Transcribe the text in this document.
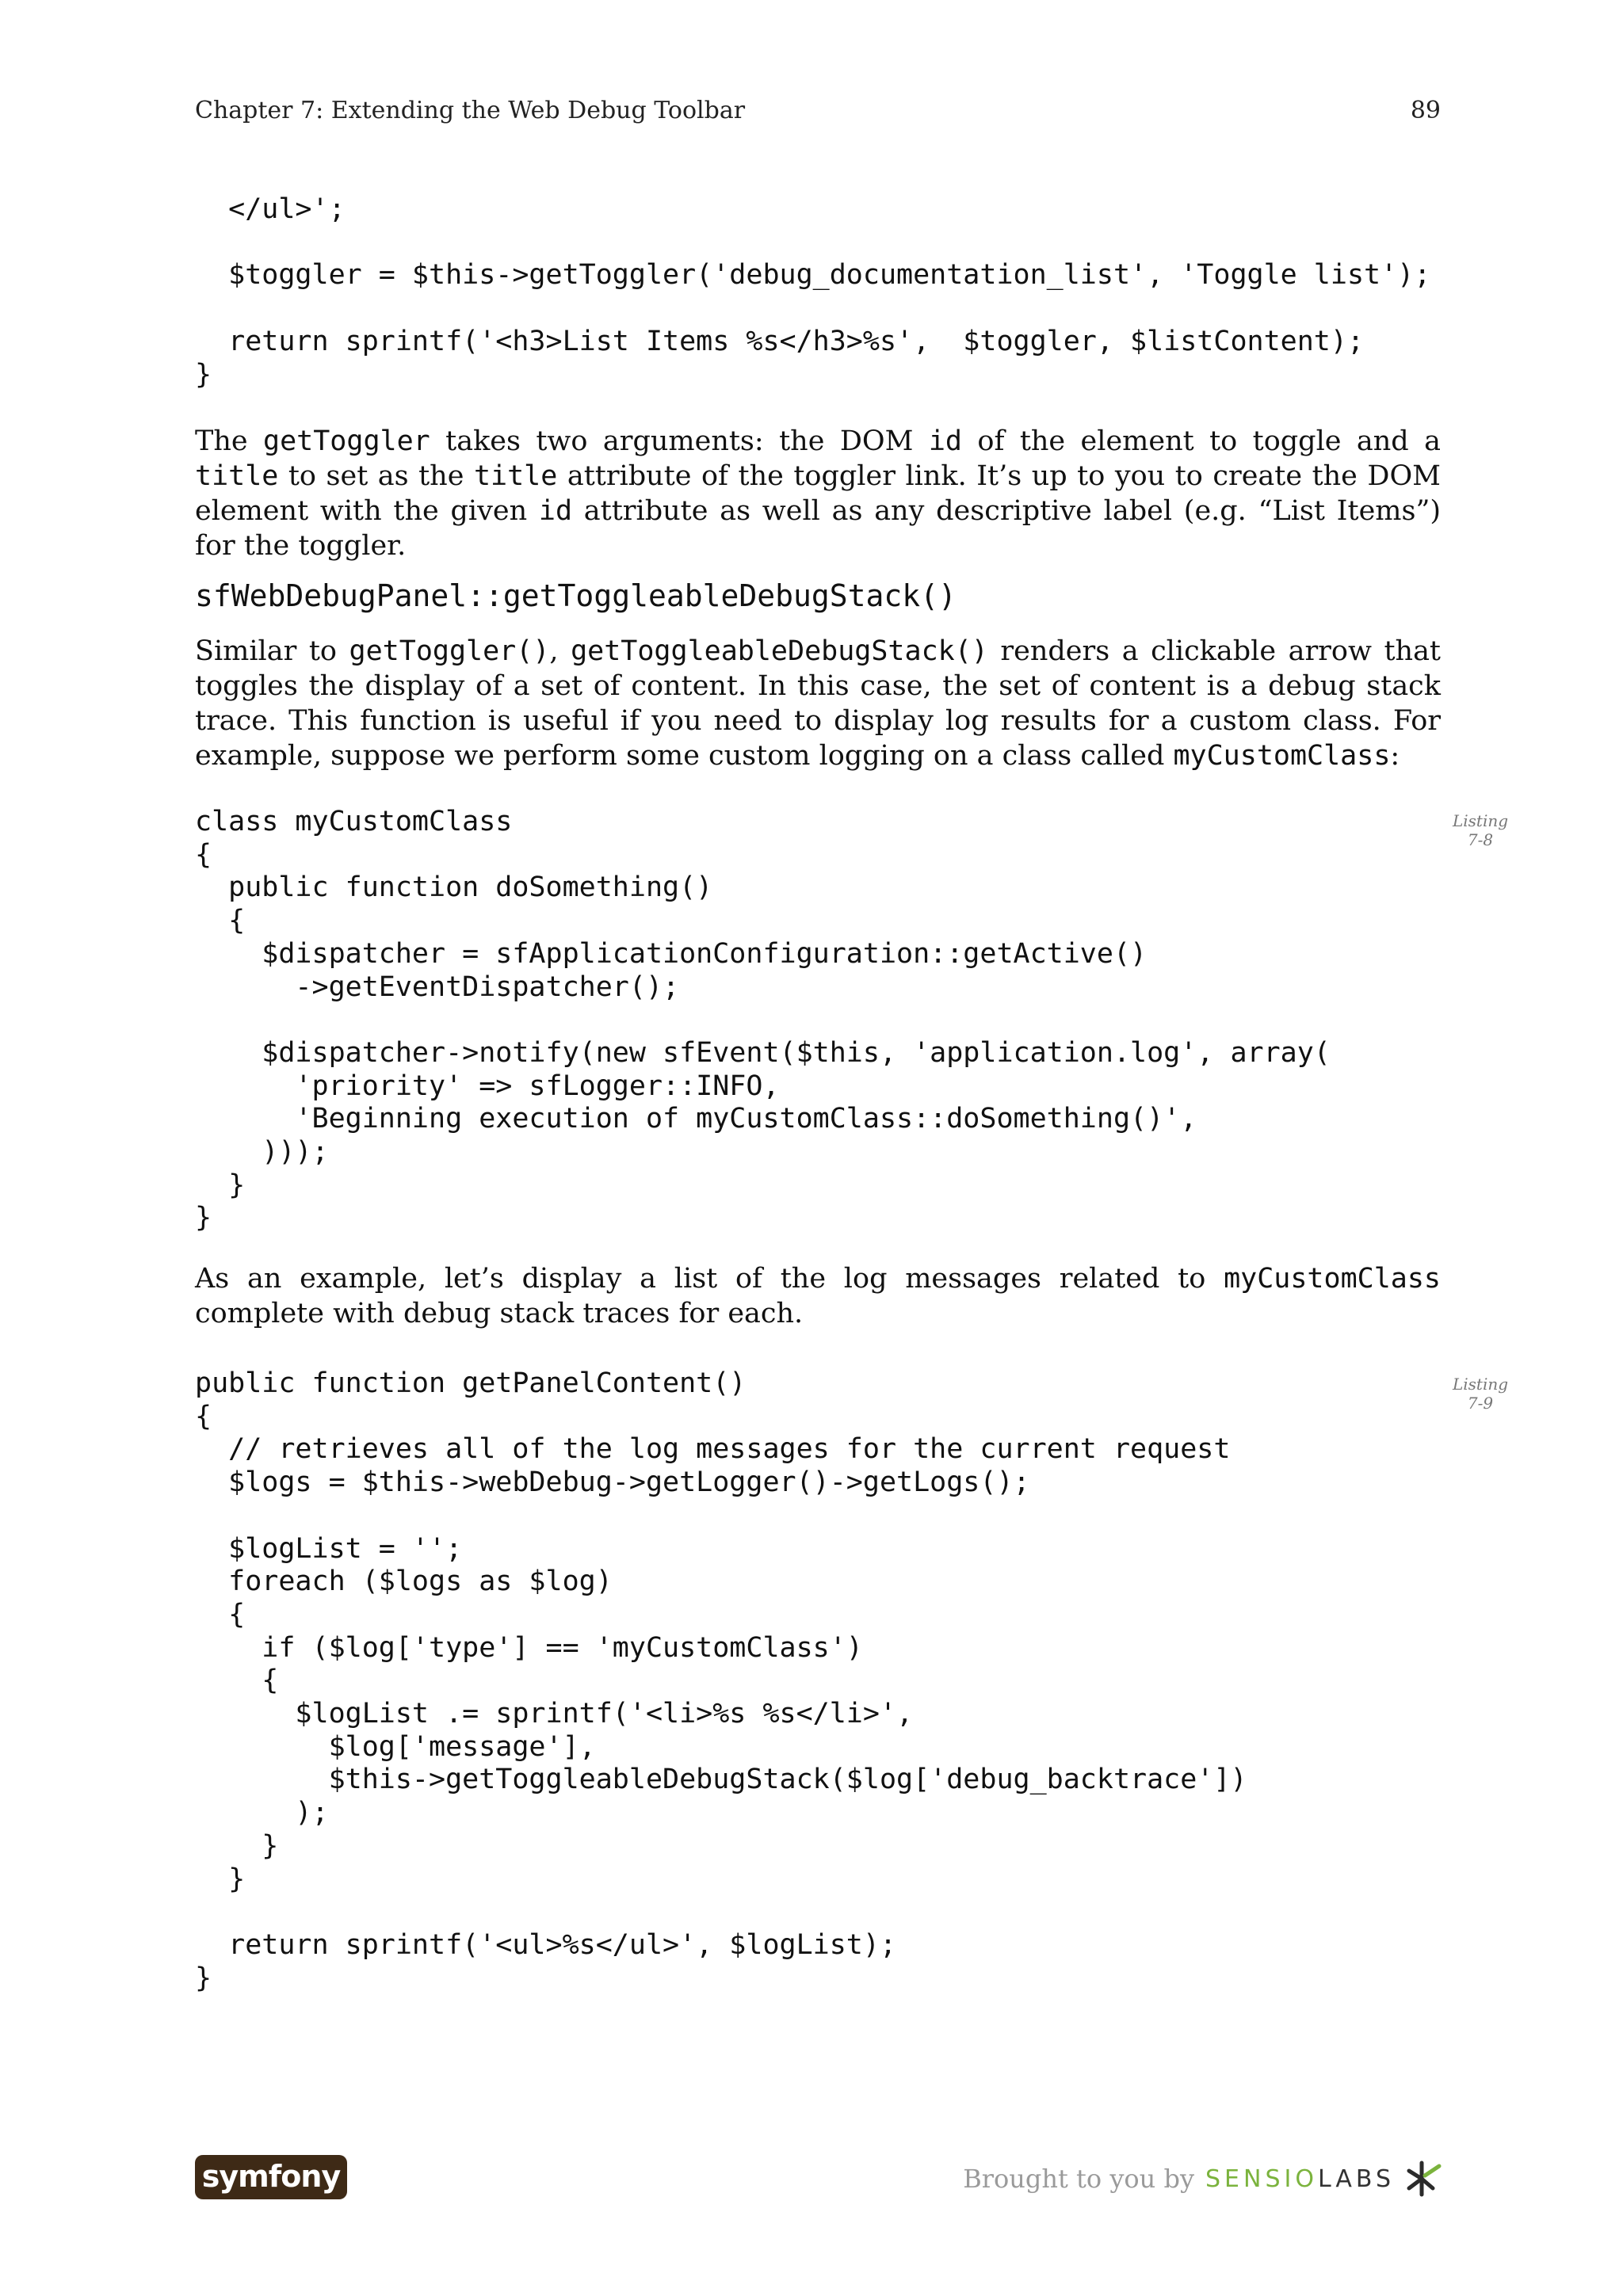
Chapter 7: Extending the Web Debug Toolbar	89
</ul>';

$toggler = $this->getToggler('debug_documentation_list', 'Toggle list');

return sprintf('<h3>List Items %s</h3>%s',  $toggler, $listContent);
}

The getToggler takes two arguments: the DOM id of the element to toggle and a title to set as the title attribute of the toggler link. It’s up to you to create the DOM element with the given id attribute as well as any descriptive label (e.g. “List Items”) for the toggler.

sfWebDebugPanel::getToggleableDebugStack()

Similar to getToggler(), getToggleableDebugStack() renders a clickable arrow that toggles the display of a set of content. In this case, the set of content is a debug stack trace. This function is useful if you need to display log results for a custom class. For example, suppose we perform some custom logging on a class called myCustomClass:

class myCustomClass
{
public function doSomething()
{
$dispatcher = sfApplicationConfiguration::getActive()
->getEventDispatcher();

$dispatcher->notify(new sfEvent($this, 'application.log', array(
'priority' => sfLogger::INFO,
'Beginning execution of myCustomClass::doSomething()',
)));
}
}
Listing
7-8

As an example, let’s display a list of the log messages related to myCustomClass complete with debug stack traces for each.

public function getPanelContent()
{
// retrieves all of the log messages for the current request
$logs = $this->webDebug->getLogger()->getLogs();

$logList = '';
foreach ($logs as $log)
{
if ($log['type'] == 'myCustomClass')
{
$logList .= sprintf('<li>%s %s</li>',
$log['message'],
$this->getToggleableDebugStack($log['debug_backtrace'])
);
}
}

return sprintf('<ul>%s</ul>', $logList);
}
Listing
7-9
symfony	Brought to you by SENSIOLABS
